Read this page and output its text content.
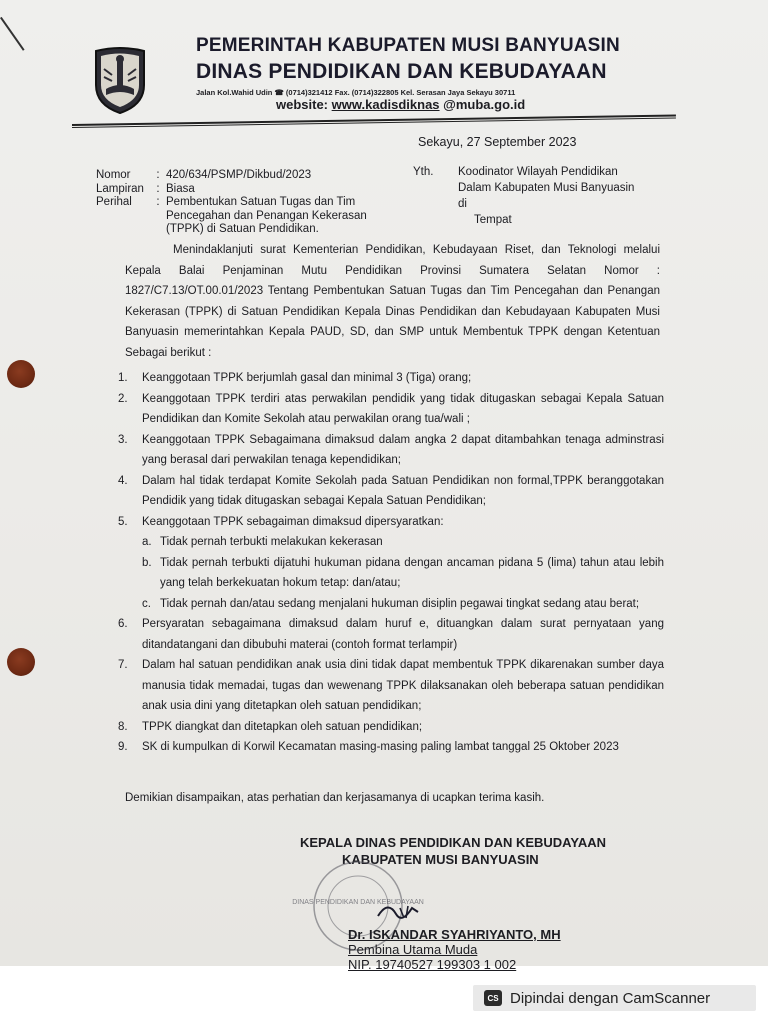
PEMERINTAH KABUPATEN MUSI BANYUASIN
DINAS PENDIDIKAN DAN KEBUDAYAAN
Jalan Kol.Wahid Udin ☎ (0714)321412 Fax. (0714)322805 Kel. Serasan Jaya Sekayu 30711
website: www.kadisdiknas @muba.go.id
Sekayu, 27 September 2023
Nomor	: 420/634/PSMP/Dikbud/2023
Lampiran	: Biasa
Perihal	: Pembentukan Satuan Tugas dan Tim Pencegahan dan Penangan Kekerasan (TPPK) di Satuan Pendidikan.
Yth. Koodinator Wilayah Pendidikan
Dalam Kabupaten Musi Banyuasin
di
Tempat
Menindaklanjuti surat Kementerian Pendidikan, Kebudayaan Riset, dan Teknologi melalui Kepala Balai Penjaminan Mutu Pendidikan Provinsi Sumatera Selatan Nomor : 1827/C7.13/OT.00.01/2023 Tentang Pembentukan Satuan Tugas dan Tim Pencegahan dan Penangan Kekerasan (TPPK) di Satuan Pendidikan Kepala Dinas Pendidikan dan Kebudayaan Kabupaten Musi Banyuasin memerintahkan Kepala PAUD, SD, dan SMP untuk Membentuk TPPK dengan Ketentuan Sebagai berikut :
1. Keanggotaan TPPK berjumlah gasal dan minimal 3 (Tiga) orang;
2. Keanggotaan TPPK terdiri atas perwakilan pendidik yang tidak ditugaskan sebagai Kepala Satuan Pendidikan dan Komite Sekolah atau perwakilan orang tua/wali ;
3. Keanggotaan TPPK Sebagaimana dimaksud dalam angka 2 dapat ditambahkan tenaga adminstrasi yang berasal dari perwakilan tenaga kependidikan;
4. Dalam hal tidak terdapat Komite Sekolah pada Satuan Pendidikan non formal,TPPK beranggotakan Pendidik yang tidak ditugaskan sebagai Kepala Satuan Pendidikan;
5. Keanggotaan TPPK sebagaiman dimaksud dipersyaratkan:
a. Tidak pernah terbukti melakukan kekerasan
b. Tidak pernah terbukti dijatuhi hukuman pidana dengan ancaman pidana 5 (lima) tahun atau lebih yang telah berkekuatan hokum tetap: dan/atau;
c. Tidak pernah dan/atau sedang menjalani hukuman disiplin pegawai tingkat sedang atau berat;
6. Persyaratan sebagaimana dimaksud dalam huruf e, dituangkan dalam surat pernyataan yang ditandatangani dan dibubuhi materai (contoh format terlampir)
7. Dalam hal satuan pendidikan anak usia dini tidak dapat membentuk TPPK dikarenakan sumber daya manusia tidak memadai, tugas dan wewenang TPPK dilaksanakan oleh beberapa satuan pendidikan anak usia dini yang ditetapkan oleh satuan pendidikan;
8. TPPK diangkat dan ditetapkan oleh satuan pendidikan;
9. SK di kumpulkan di Korwil Kecamatan masing-masing paling lambat tanggal 25 Oktober 2023
Demikian disampaikan, atas perhatian dan kerjasamanya di ucapkan terima kasih.
KEPALA DINAS PENDIDIKAN DAN KEBUDAYAAN
KABUPATEN MUSI BANYUASIN
DINAS PENDIDIKAN DAN KEBUDAYAAN
Dr. ISKANDAR SYAHRIYANTO, MH
Pembina Utama Muda
NIP. 19740527 199303 1 002
CS Dipindai dengan CamScanner
